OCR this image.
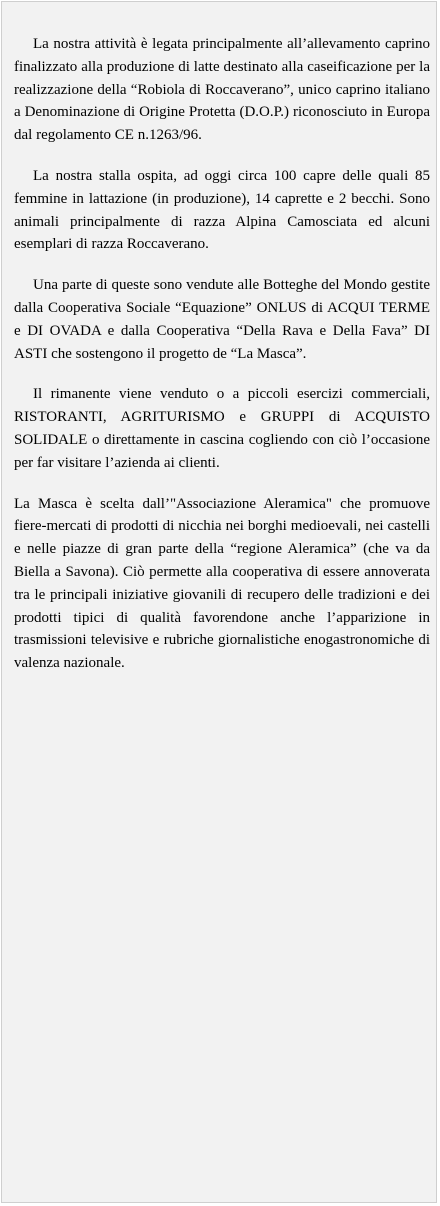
La nostra attività è legata principalmente all’allevamento caprino finalizzato alla produzione di latte destinato alla caseificazione per la realizzazione della “Robiola di Roccaverano”, unico caprino italiano a Denominazione di Origine Protetta (D.O.P.) riconosciuto in Europa dal regolamento CE n.1263/96.

La nostra stalla ospita, ad oggi circa 100 capre delle quali 85 femmine in lattazione (in produzione), 14 caprette e 2 becchi. Sono animali principalmente di razza Alpina Camosciata ed alcuni esemplari di razza Roccaverano.

Una parte di queste sono vendute alle Botteghe del Mondo gestite dalla Cooperativa Sociale “Equazione” ONLUS di ACQUI TERME e DI OVADA e dalla Cooperativa “Della Rava e Della Fava” DI ASTI che sostengono il progetto de “La Masca”.

Il rimanente viene venduto o a piccoli esercizi commerciali, RISTORANTI, AGRITURISMO e GRUPPI di ACQUISTO SOLIDALE o direttamente in cascina cogliendo con ciò l’occasione per far visitare l’azienda ai clienti.

La Masca è scelta dall’"Associazione Aleramica" che promuove fiere-mercati di prodotti di nicchia nei borghi medioevali, nei castelli e nelle piazze di gran parte della “regione Aleramica” (che va da Biella a Savona). Ciò permette alla cooperativa di essere annoverata tra le principali iniziative giovanili di recupero delle tradizioni e dei prodotti tipici di qualità favorendone anche l’apparizione in trasmissioni televisive e rubriche giornalistiche enogastronomiche di valenza nazionale.
